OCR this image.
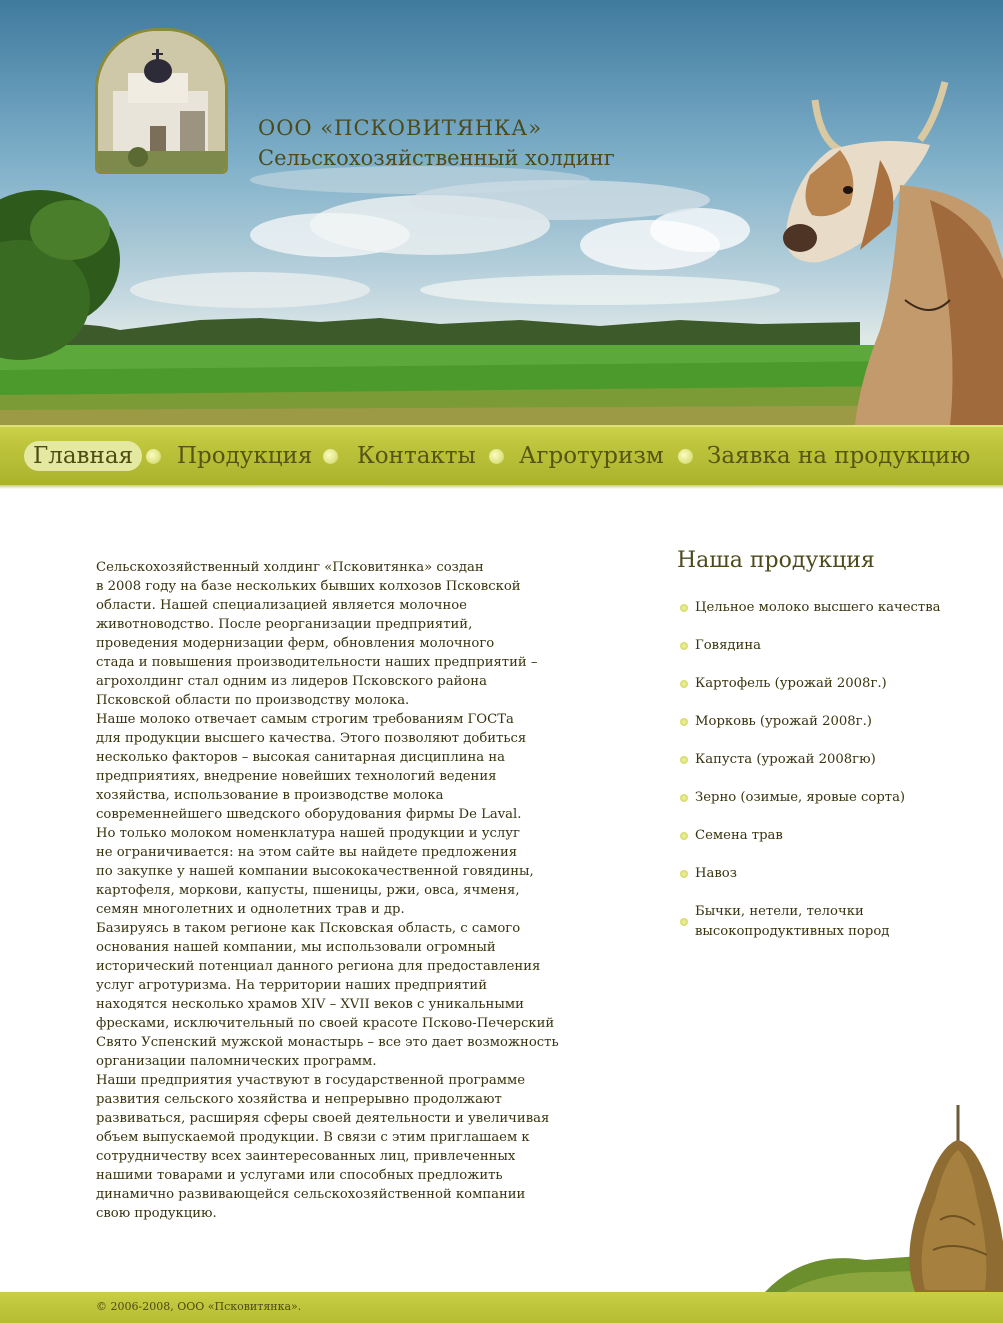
ООО «ПСКОВИТЯНКА»
Сельскохозяйственный холдинг
Главная	Продукция Контакты Агротуризм Заявка на продукцию

Сельскохозяйственный холдинг «Псковитянка» создан
в 2008 году на базе нескольких бывших колхозов Псковской
области. Нашей специализацией является молочное
животноводство. После реорганизации предприятий,
проведения модернизации ферм, обновления молочного
стада и повышения производительности наших предприятий –
агрохолдинг стал одним из лидеров Псковского района
Псковской области по производству молока.

Наше молоко отвечает самым строгим требованиям ГОСТа
для продукции высшего качества. Этого позволяют добиться
несколько факторов – высокая санитарная дисциплина на
предприятиях, внедрение новейших технологий ведения
хозяйства, использование в производстве молока
современнейшего шведского оборудования фирмы De Laval.

Но только молоком номенклатура нашей продукции и услуг
не ограничивается: на этом сайте вы найдете предложения
по закупке у нашей компании высококачественной говядины,
картофеля, моркови, капусты, пшеницы, ржи, овса, ячменя,
семян многолетних и однолетних трав и др.

Базируясь в таком регионе как Псковская область, с самого
основания нашей компании, мы использовали огромный
исторический потенциал данного региона для предоставления
услуг агротуризма. На территории наших предприятий
находятся несколько храмов XIV – XVII веков с уникальными
фресками, исключительный по своей красоте Псково-Печерский
Свято Успенский мужской монастырь – все это дает возможность
организации паломнических программ.

Наши предприятия участвуют в государственной программе
развития сельского хозяйства и непрерывно продолжают
развиваться, расширяя сферы своей деятельности и увеличивая
объем выпускаемой продукции. В связи с этим приглашаем к
сотрудничеству всех заинтересованных лиц, привлеченных
нашими товарами и услугами или способных предложить
динамично развивающейся сельскохозяйственной компании
свою продукцию.

Наша продукция
Цельное молоко высшего качества
Говядина
Картофель (урожай 2008г.)
Морковь (урожай 2008г.)
Капуста (урожай 2008гю)
Зерно (озимые, яровые сорта)
Семена трав
Навоз
Бычки, нетели, телочки
высокопродуктивных пород
© 2006-2008, ООО «Псковитянка».
